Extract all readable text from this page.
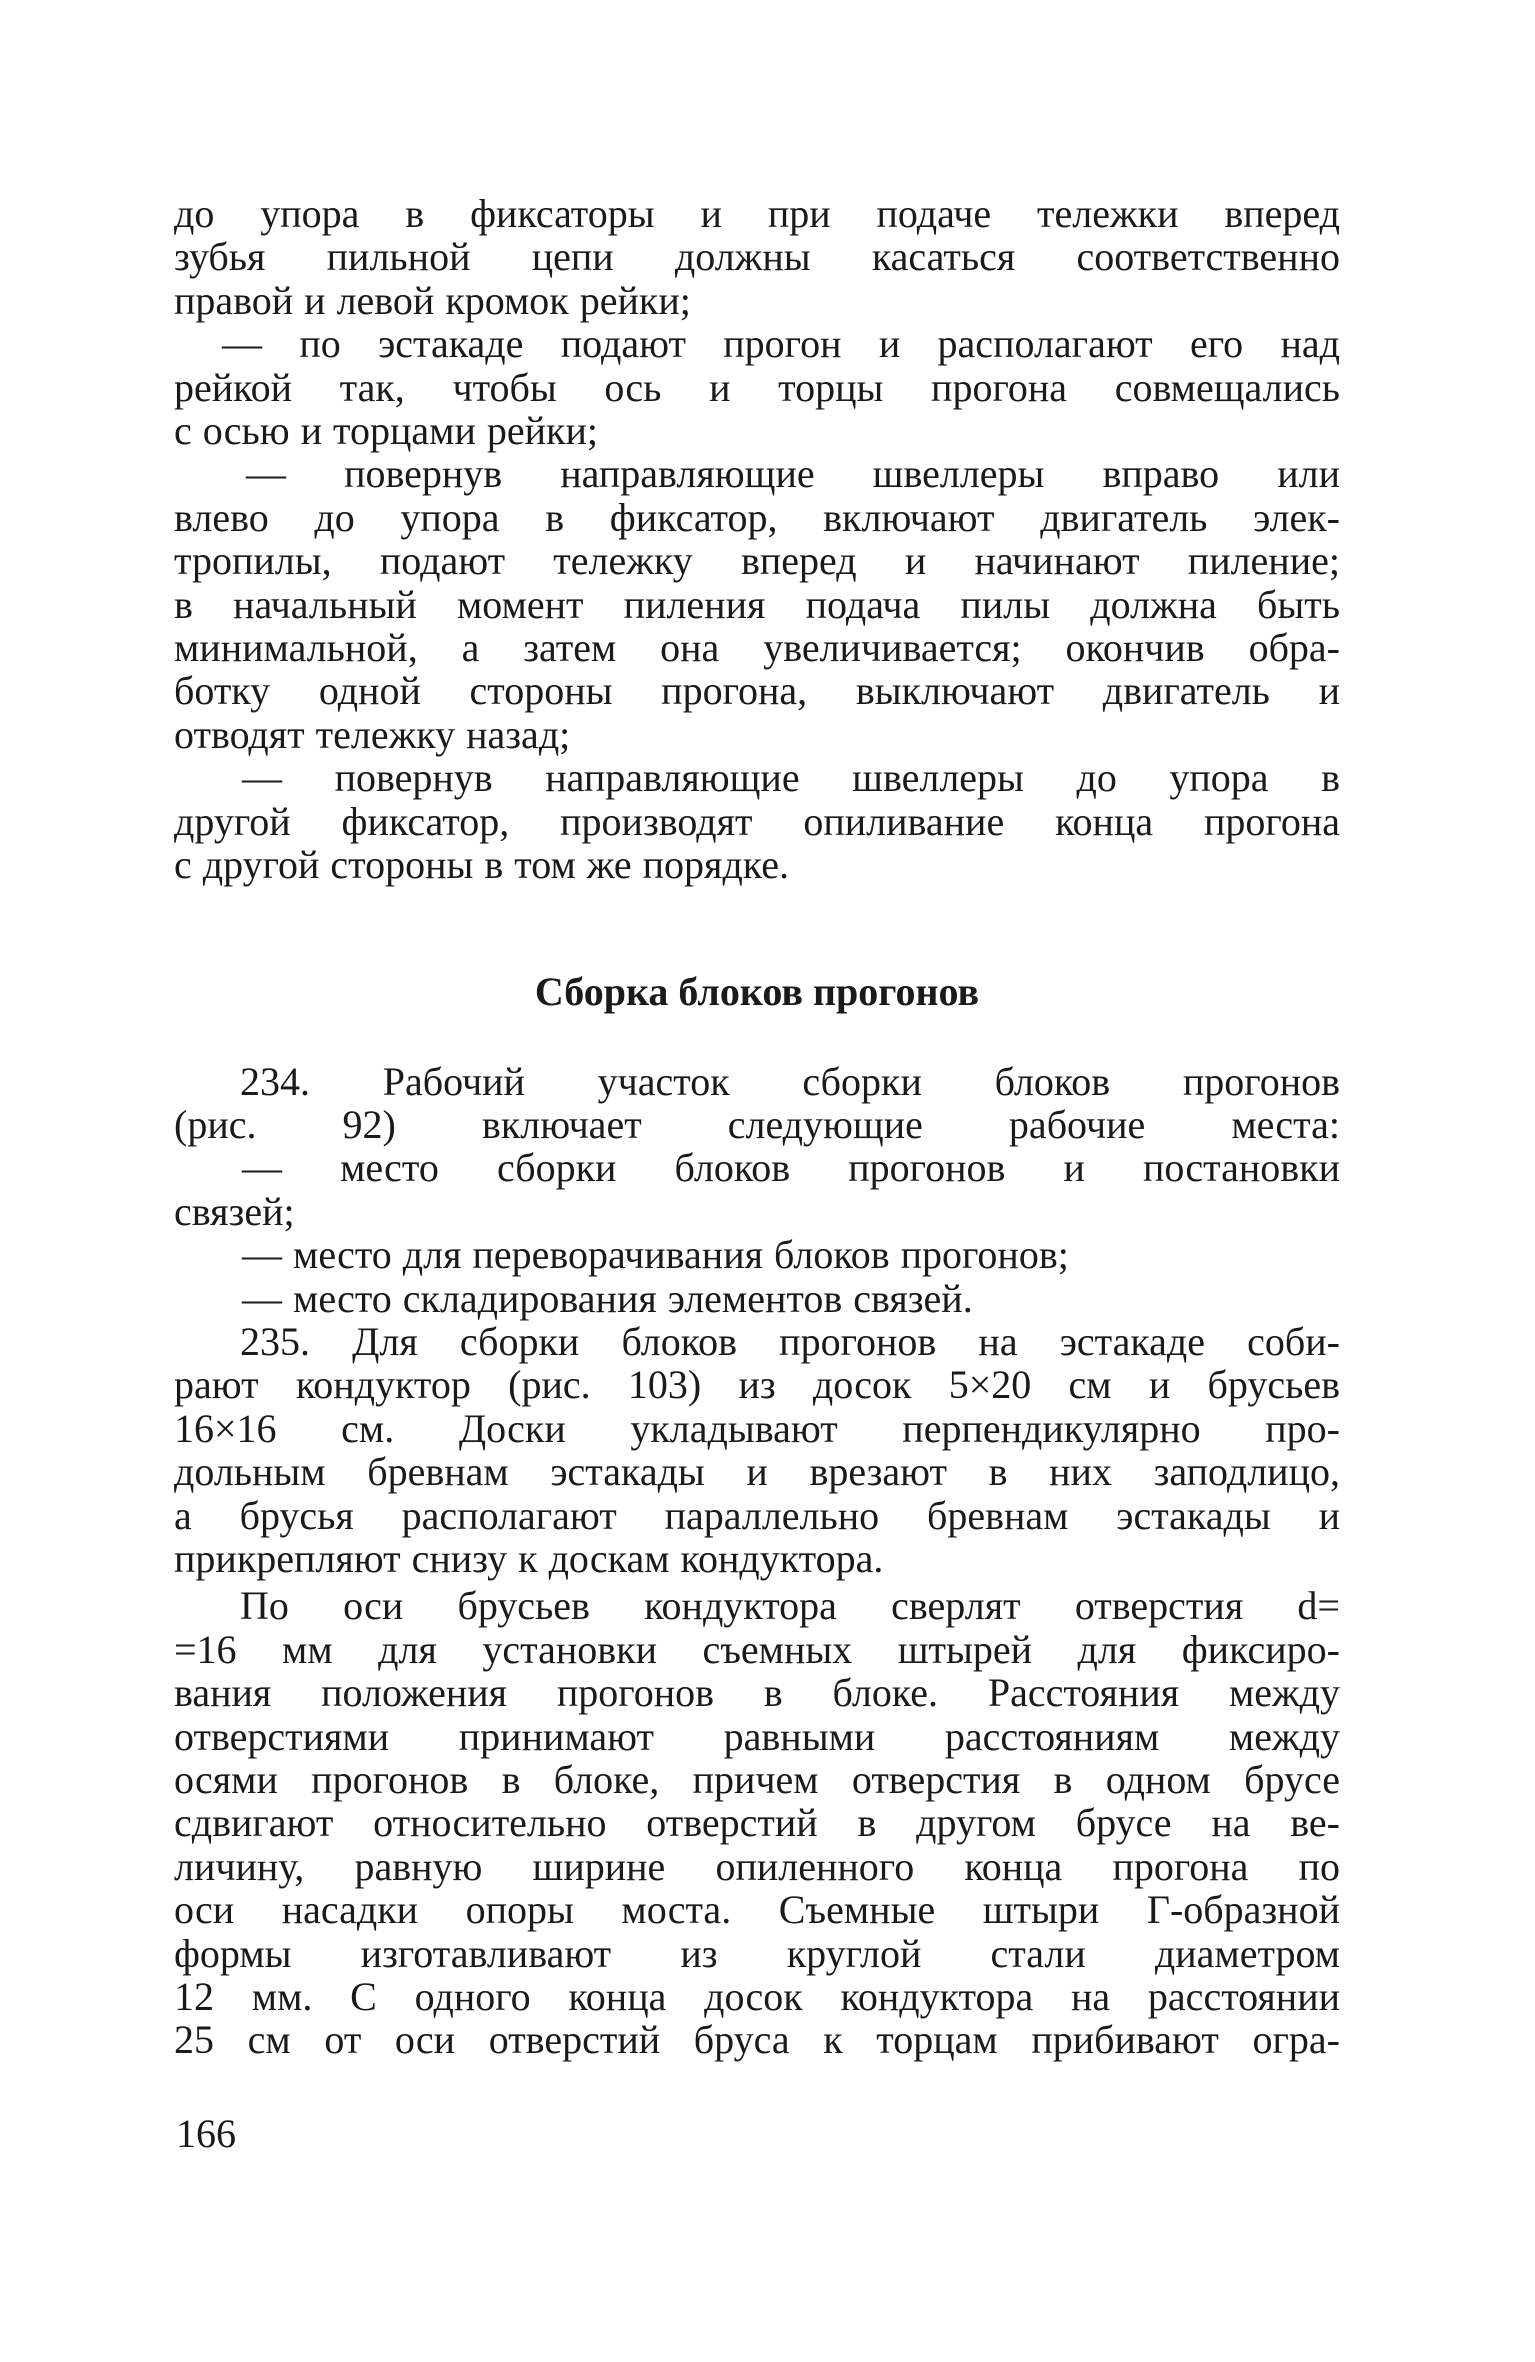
до упора в фиксаторы и при подаче тележки вперед
зубья пильной цепи должны касаться соответственно
правой и левой кромок рейки;
— по эстакаде подают прогон и располагают его над
рейкой так, чтобы ось и торцы прогона совмещались
с осью и торцами рейки;
— повернув направляющие швеллеры вправо или
влево до упора в фиксатор, включают двигатель элек-
тропилы, подают тележку вперед и начинают пиление;
в начальный момент пиления подача пилы должна быть
минимальной, а затем она увеличивается; окончив обра-
ботку одной стороны прогона, выключают двигатель и
отводят тележку назад;
— повернув направляющие швеллеры до упора в
другой фиксатор, производят опиливание конца прогона
с другой стороны в том же порядке.
Сборка блоков прогонов
234. Рабочий участок сборки блоков прогонов
(рис. 92) включает следующие рабочие места:
— место сборки блоков прогонов и постановки
связей;
— место для переворачивания блоков прогонов;
— место складирования элементов связей.
235. Для сборки блоков прогонов на эстакаде соби-
рают кондуктор (рис. 103) из досок 5×20 см и брусьев
16×16 см. Доски укладывают перпендикулярно про-
дольным бревнам эстакады и врезают в них заподлицо,
а брусья располагают параллельно бревнам эстакады и
прикрепляют снизу к доскам кондуктора.
По оси брусьев кондуктора сверлят отверстия d=
=16 мм для установки съемных штырей для фиксиро-
вания положения прогонов в блоке. Расстояния между
отверстиями принимают равными расстояниям между
осями прогонов в блоке, причем отверстия в одном брусе
сдвигают относительно отверстий в другом брусе на ве-
личину, равную ширине опиленного конца прогона по
оси насадки опоры моста. Съемные штыри Г-образной
формы изготавливают из круглой стали диаметром
12 мм. С одного конца досок кондуктора на расстоянии
25 см от оси отверстий бруса к торцам прибивают огра-
166
